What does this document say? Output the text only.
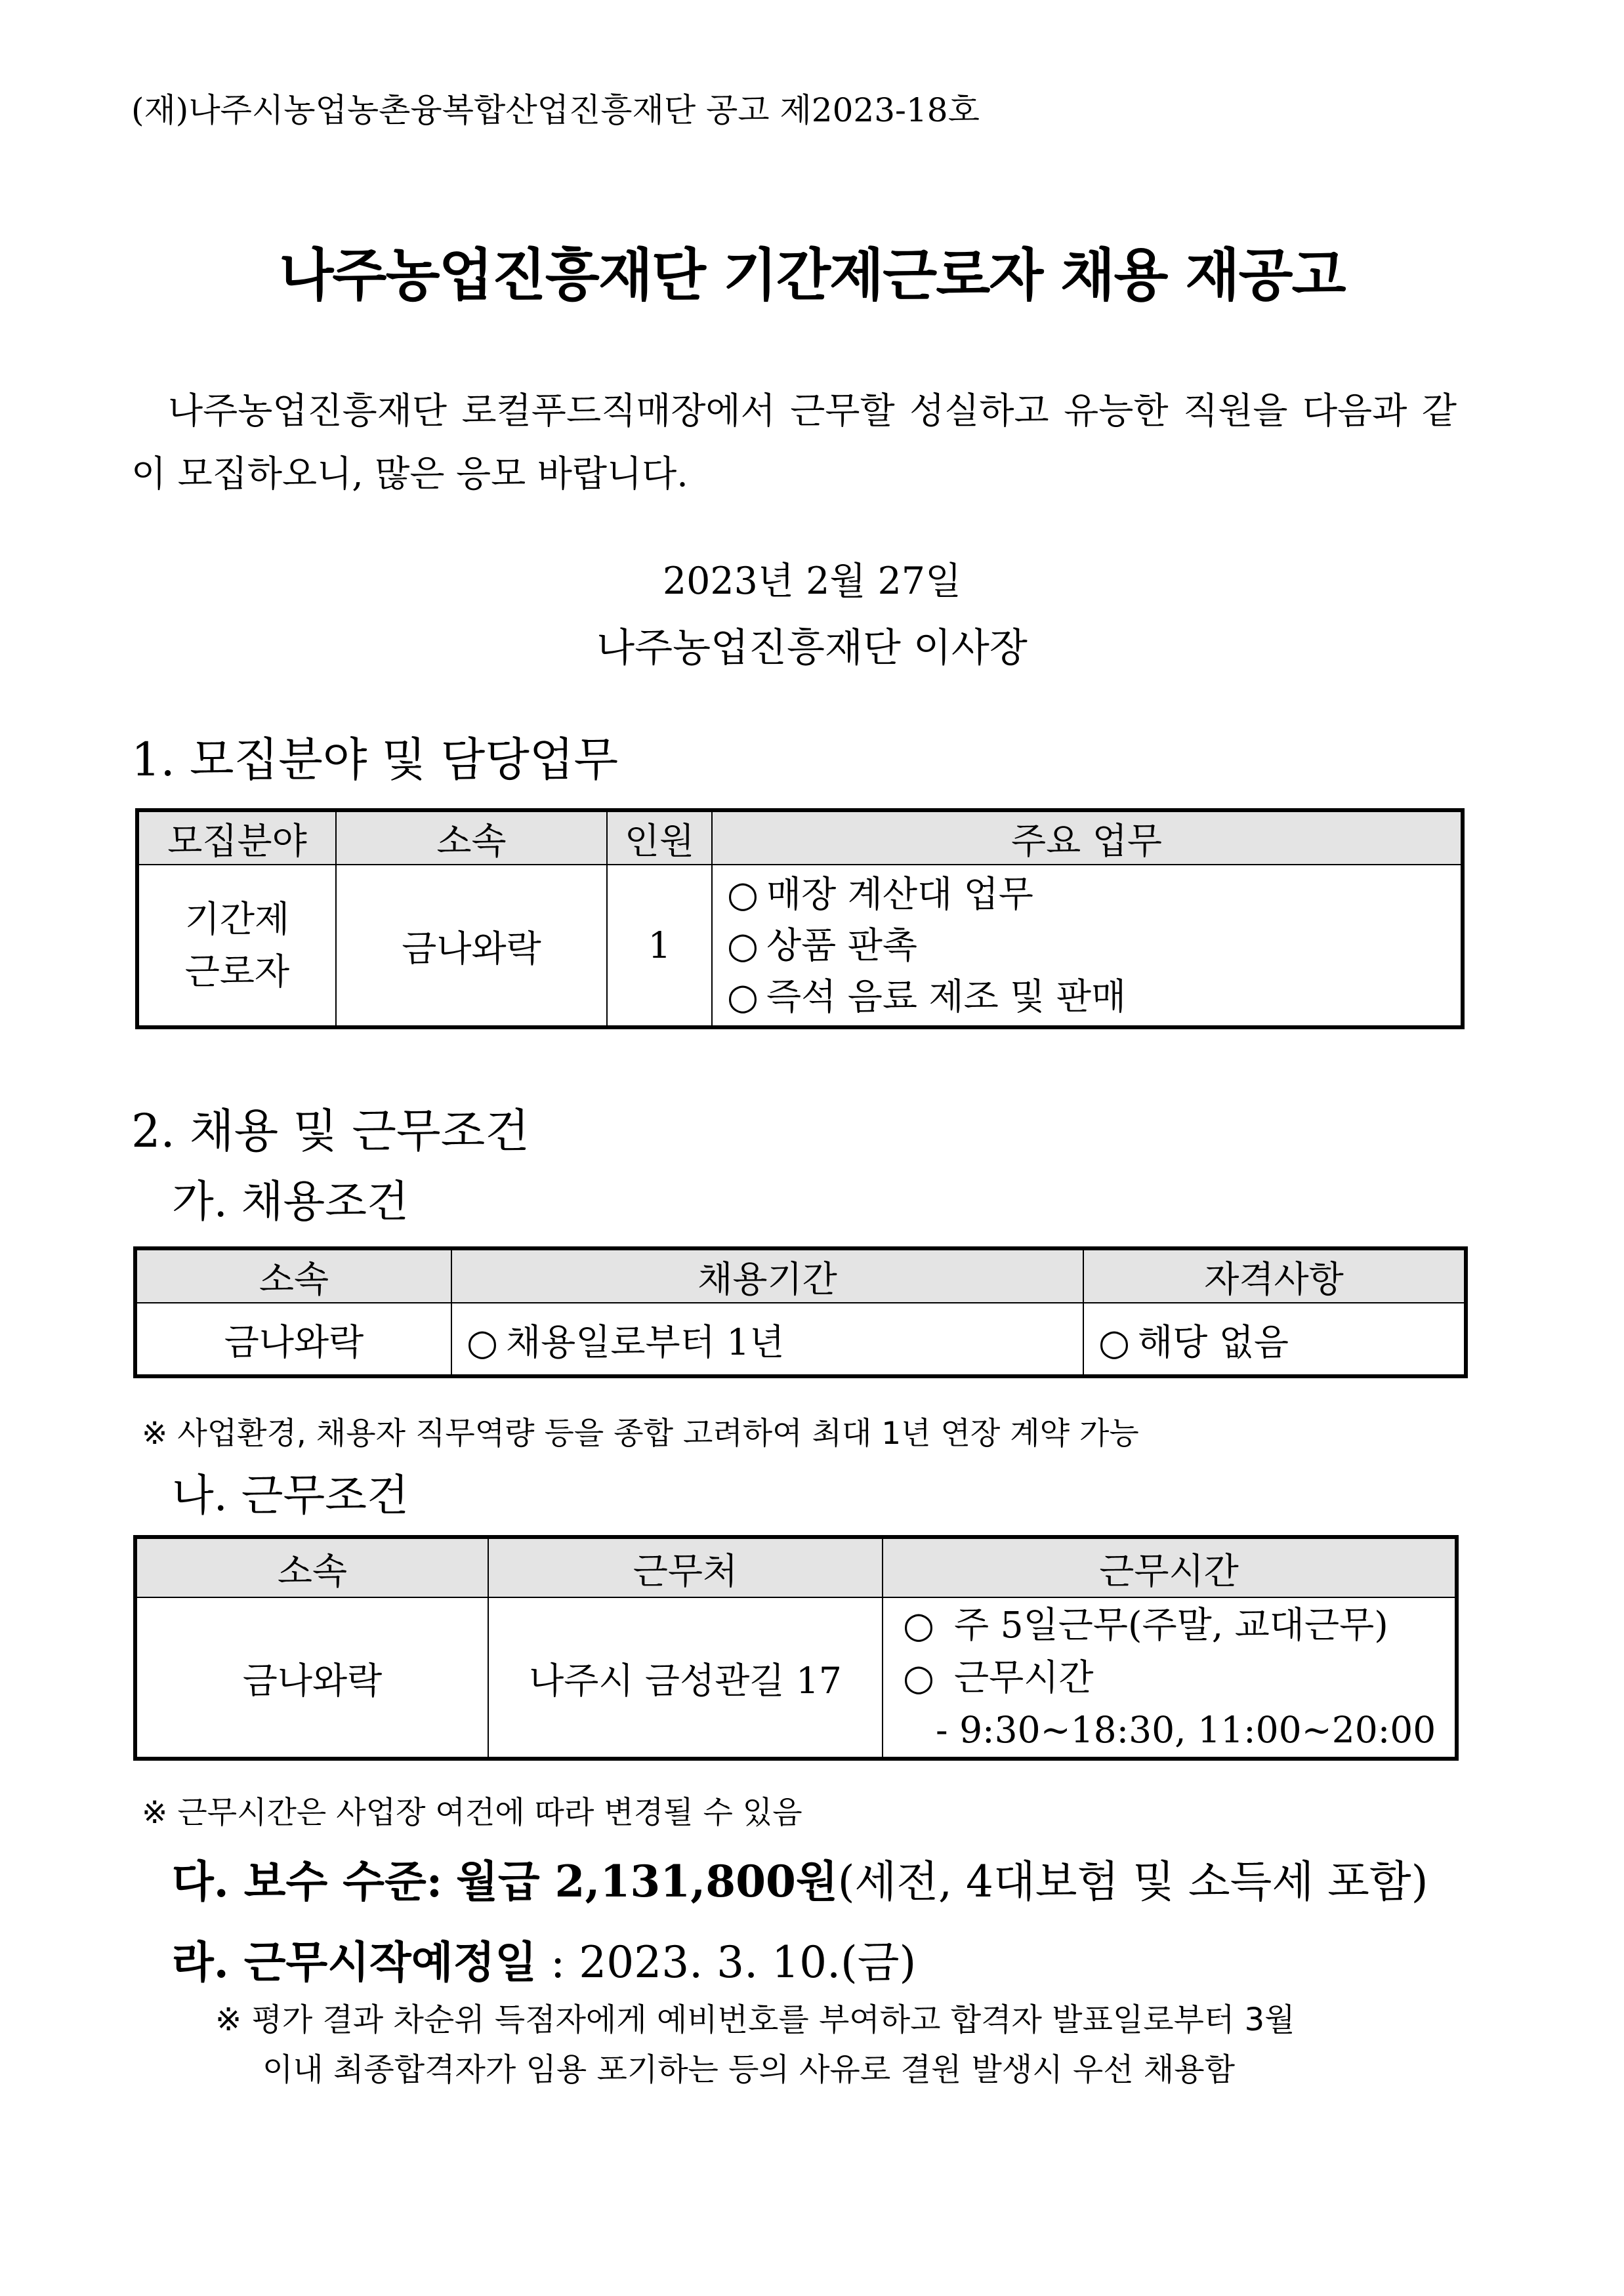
(재)나주시농업농촌융복합산업진흥재단 공고 제2023-18호
나주농업진흥재단 기간제근로자 채용 재공고
나주농업진흥재단 로컬푸드직매장에서 근무할 성실하고 유능한 직원을 다음과 같이 모집하오니, 많은 응모 바랍니다.
2023년 2월 27일
나주농업진흥재단 이사장
1. 모집분야 및 담당업무
모집분야	소속	인원	주요 업무

기간제
근로자	금나와락	1	○ 매장 계산대 업무
○ 상품 판촉
○ 즉석 음료 제조 및 판매
2. 채용 및 근무조건
가. 채용조건
소속	채용기간	자격사항
금나와락	○ 채용일로부터 1년	○ 해당 없음
※ 사업환경, 채용자 직무역량 등을 종합 고려하여 최대 1년 연장 계약 가능
나. 근무조건
소속	근무처	근무시간
금나와락	나주시 금성관길 17	○ 주 5일근무(주말, 교대근무)
○ 근무시간
- 9:30~18:30, 11:00~20:00
※ 근무시간은 사업장 여건에 따라 변경될 수 있음
다. 보수 수준: 월급 2,131,800원(세전, 4대보험 및 소득세 포함)
라. 근무시작예정일 : 2023. 3. 10.(금)
※ 평가 결과 차순위 득점자에게 예비번호를 부여하고 합격자 발표일로부터 3월
이내 최종합격자가 임용 포기하는 등의 사유로 결원 발생시 우선 채용함
